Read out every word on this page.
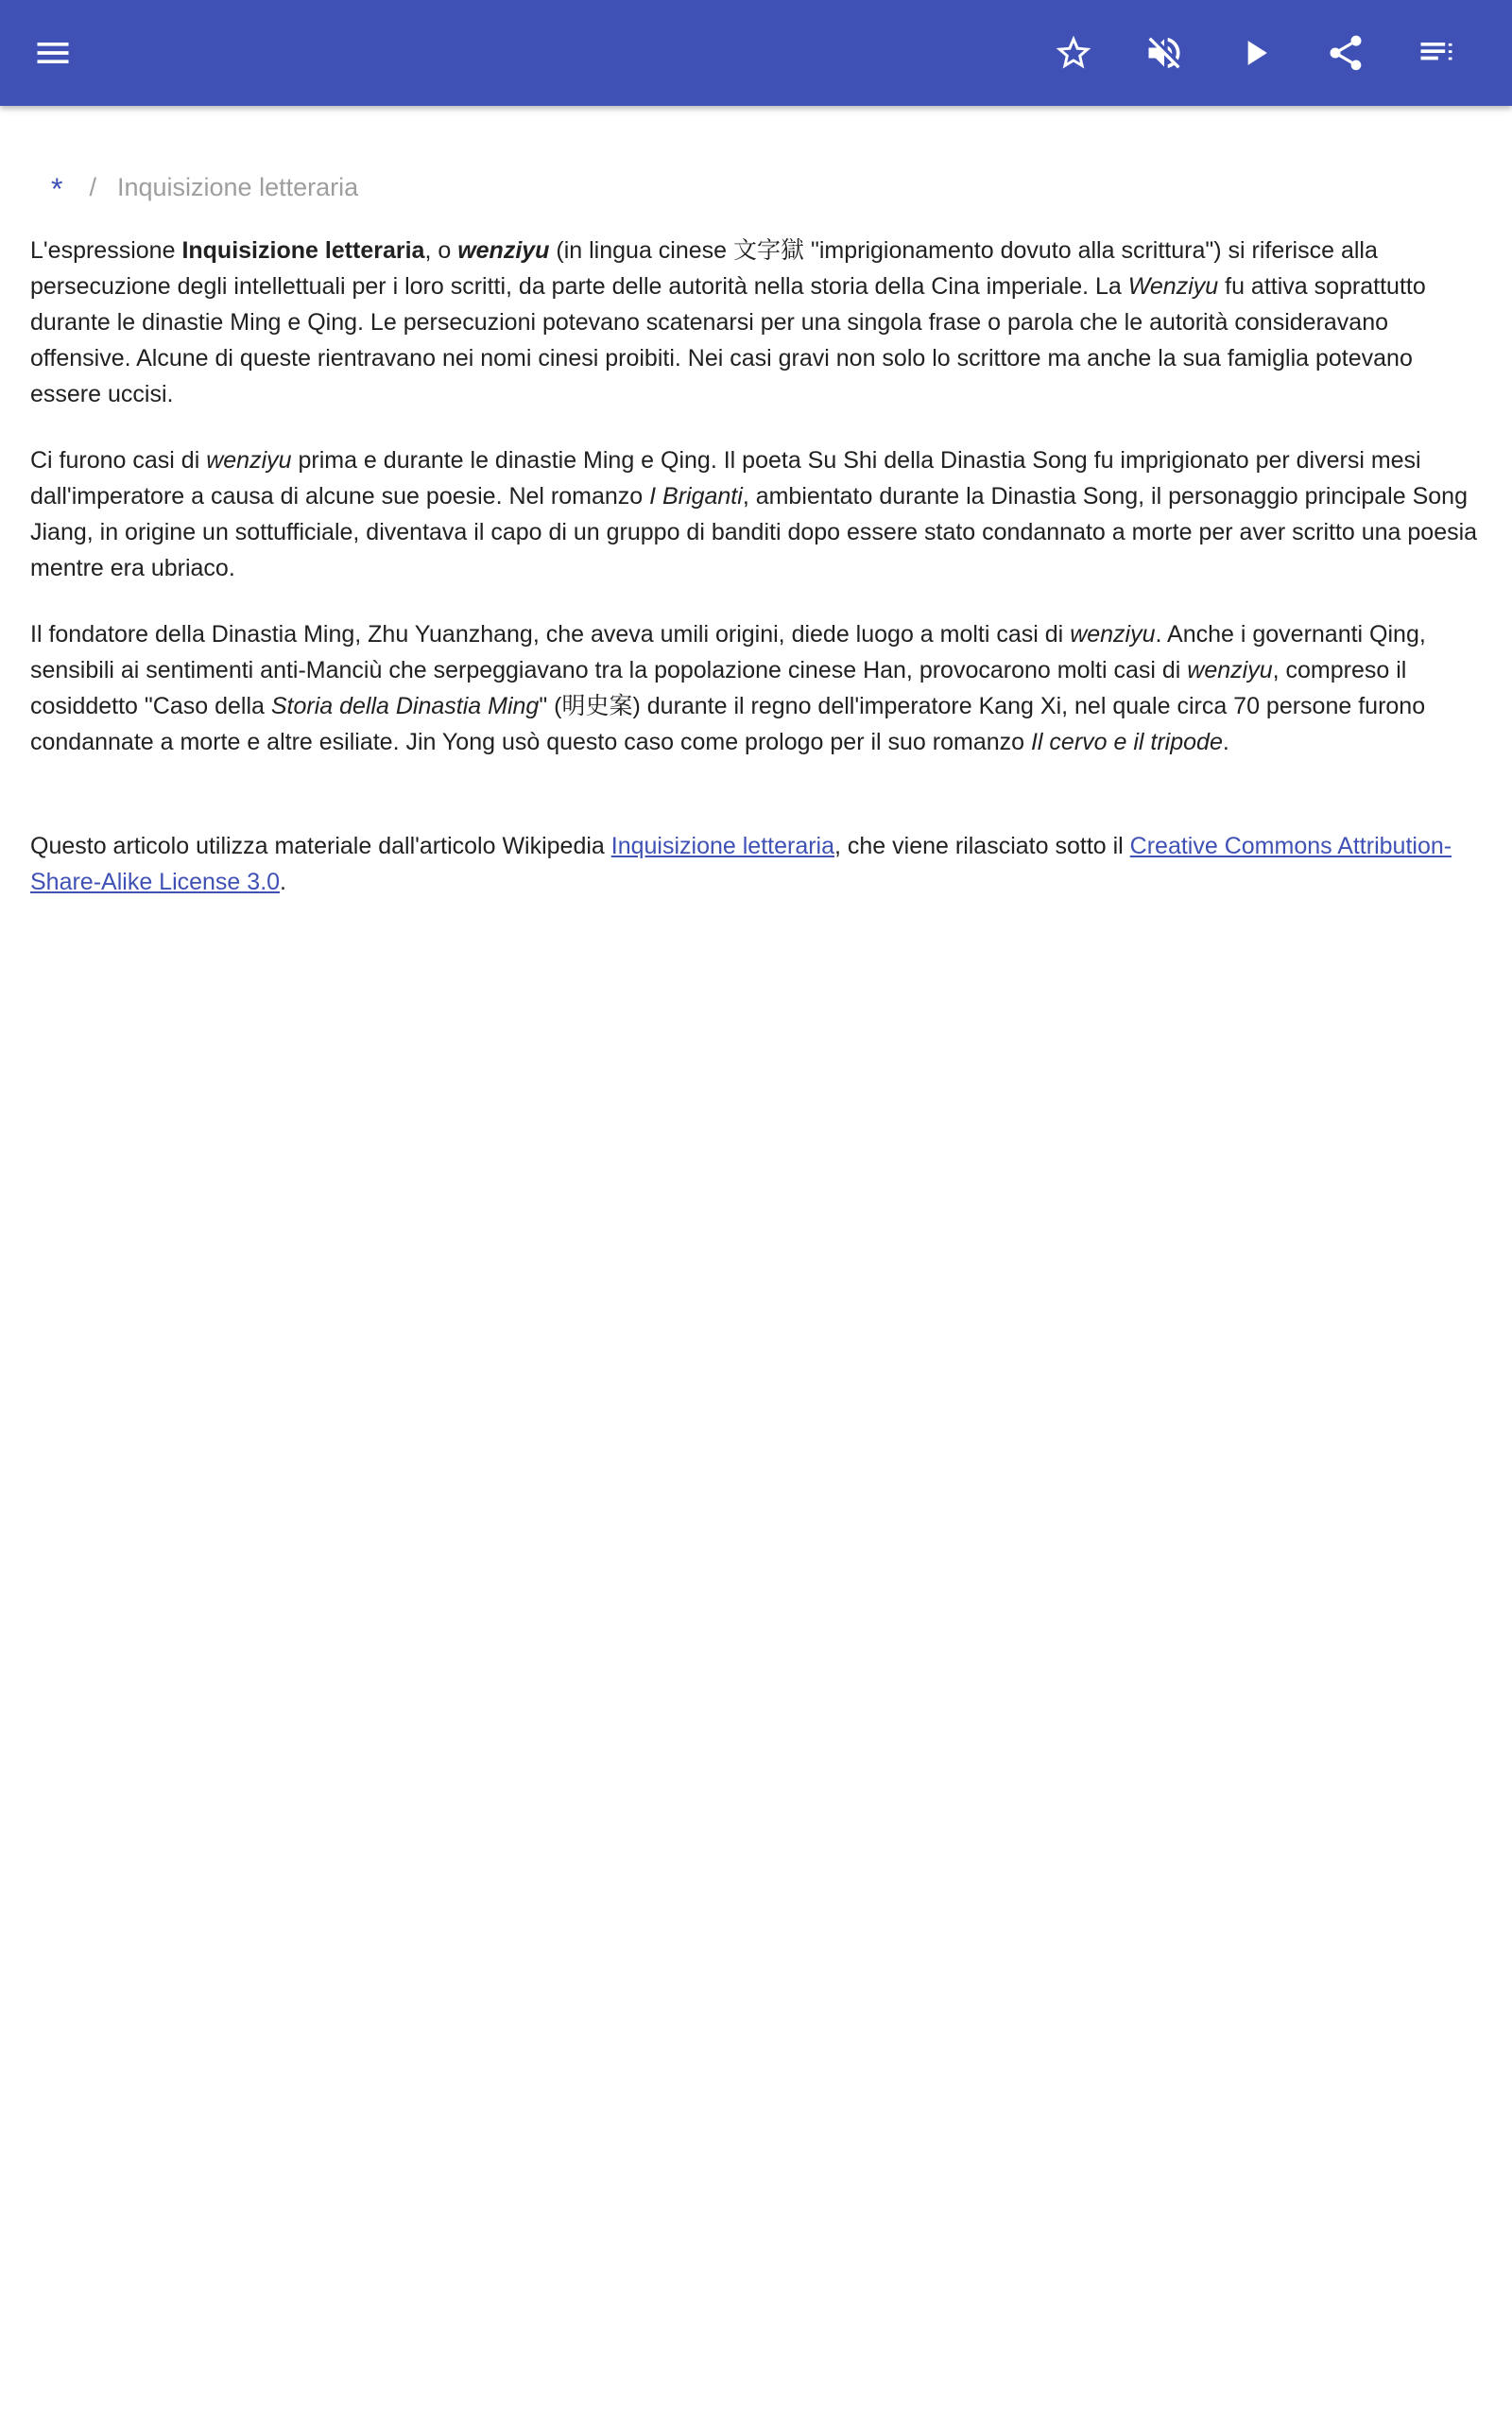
* / Inquisizione letteraria

L'espressione Inquisizione letteraria, o wenziyu (in lingua cinese 文字獄 "imprigionamento dovuto alla scrittura") si riferisce alla persecuzione degli intellettuali per i loro scritti, da parte delle autorità nella storia della Cina imperiale. La Wenziyu fu attiva soprattutto durante le dinastie Ming e Qing. Le persecuzioni potevano scatenarsi per una singola frase o parola che le autorità consideravano offensive. Alcune di queste rientravano nei nomi cinesi proibiti. Nei casi gravi non solo lo scrittore ma anche la sua famiglia potevano essere uccisi.

Ci furono casi di wenziyu prima e durante le dinastie Ming e Qing. Il poeta Su Shi della Dinastia Song fu imprigionato per diversi mesi dall'imperatore a causa di alcune sue poesie. Nel romanzo I Briganti, ambientato durante la Dinastia Song, il personaggio principale Song Jiang, in origine un sottufficiale, diventava il capo di un gruppo di banditi dopo essere stato condannato a morte per aver scritto una poesia mentre era ubriaco.

Il fondatore della Dinastia Ming, Zhu Yuanzhang, che aveva umili origini, diede luogo a molti casi di wenziyu. Anche i governanti Qing, sensibili ai sentimenti anti-Manciù che serpeggiavano tra la popolazione cinese Han, provocarono molti casi di wenziyu, compreso il cosiddetto "Caso della Storia della Dinastia Ming" (明史案) durante il regno dell'imperatore Kang Xi, nel quale circa 70 persone furono condannate a morte e altre esiliate. Jin Yong usò questo caso come prologo per il suo romanzo Il cervo e il tripode.

Questo articolo utilizza materiale dall'articolo Wikipedia Inquisizione letteraria, che viene rilasciato sotto il Creative Commons Attribution-Share-Alike License 3.0.
